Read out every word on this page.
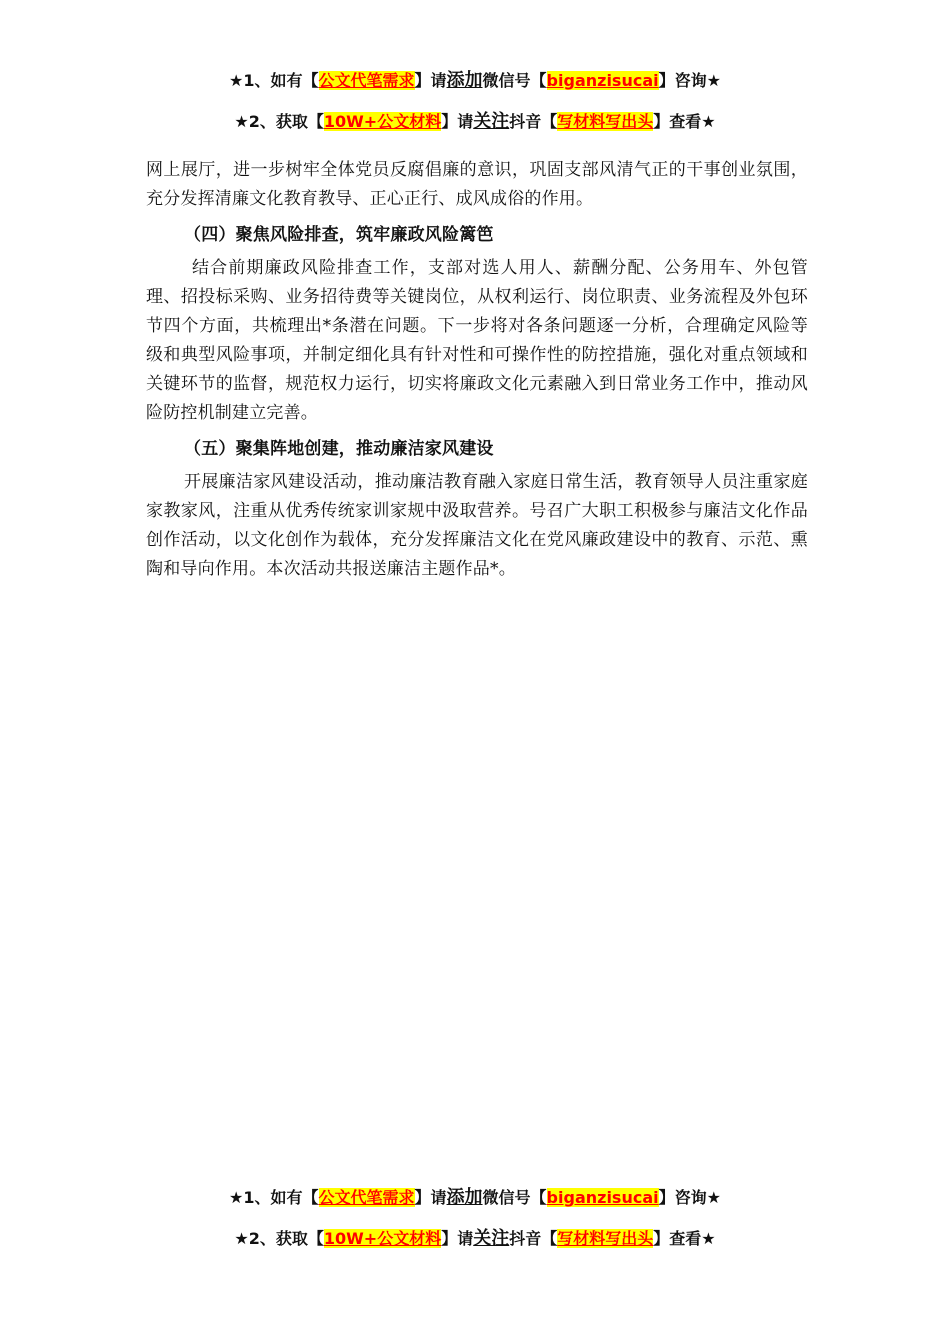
★1、如有【公文代笔需求】请添加微信号【biganzisucai】咨询★
★2、获取【10W+公文材料】请关注抖音【写材料写出头】查看★

网上展厅，进一步树牢全体党员反腐倡廉的意识，巩固支部风清气正的干事创业氛围，充分发挥清廉文化教育教导、正心正行、成风成俗的作用。

（四）聚焦风险排查，筑牢廉政风险篱笆

结合前期廉政风险排查工作，支部对选人用人、薪酬分配、公务用车、外包管理、招投标采购、业务招待费等关键岗位，从权利运行、岗位职责、业务流程及外包环节四个方面，共梳理出*条潜在问题。下一步将对各条问题逐一分析，合理确定风险等级和典型风险事项，并制定细化具有针对性和可操作性的防控措施，强化对重点领域和关键环节的监督，规范权力运行，切实将廉政文化元素融入到日常业务工作中，推动风险防控机制建立完善。

（五）聚集阵地创建，推动廉洁家风建设

开展廉洁家风建设活动，推动廉洁教育融入家庭日常生活，教育领导人员注重家庭家教家风，注重从优秀传统家训家规中汲取营养。号召广大职工积极参与廉洁文化作品创作活动，以文化创作为载体，充分发挥廉洁文化在党风廉政建设中的教育、示范、熏陶和导向作用。本次活动共报送廉洁主题作品*。

★1、如有【公文代笔需求】请添加微信号【biganzisucai】咨询★
★2、获取【10W+公文材料】请关注抖音【写材料写出头】查看★
